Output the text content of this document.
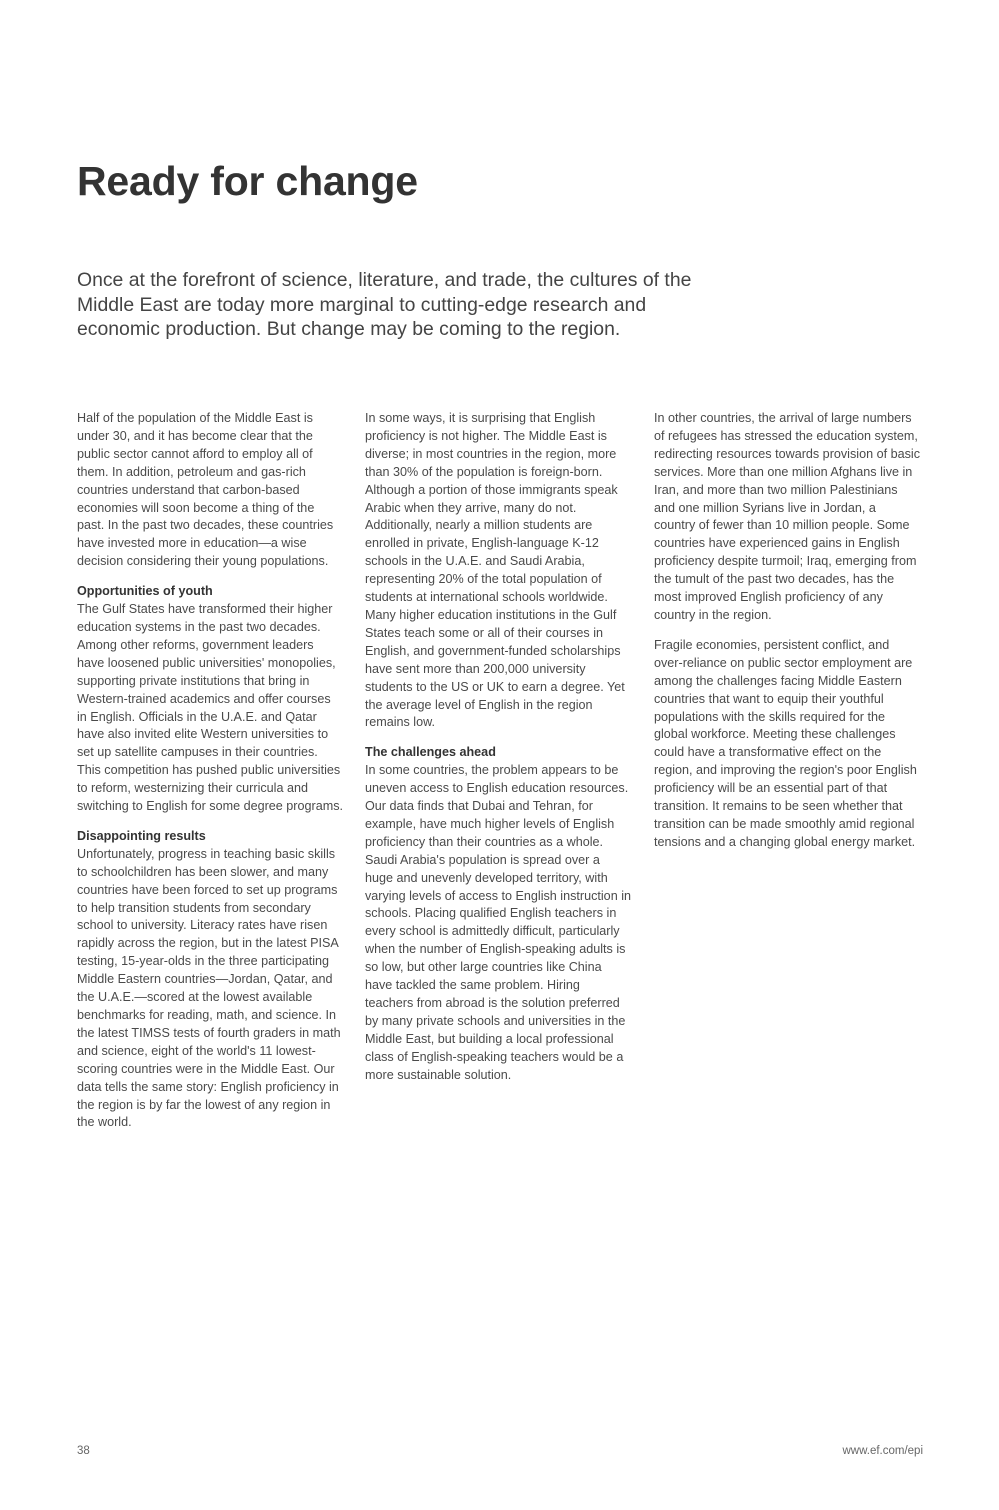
Ready for change

Once at the forefront of science, literature, and trade, the cultures of the Middle East are today more marginal to cutting-edge research and economic production. But change may be coming to the region.

Half of the population of the Middle East is under 30, and it has become clear that the public sector cannot afford to employ all of them. In addition, petroleum and gas-rich countries understand that carbon-based economies will soon become a thing of the past. In the past two decades, these countries have invested more in education—a wise decision considering their young populations.

Opportunities of youth

The Gulf States have transformed their higher education systems in the past two decades. Among other reforms, government leaders have loosened public universities' monopolies, supporting private institutions that bring in Western-trained academics and offer courses in English. Officials in the U.A.E. and Qatar have also invited elite Western universities to set up satellite campuses in their countries. This competition has pushed public universities to reform, westernizing their curricula and switching to English for some degree programs.

Disappointing results

Unfortunately, progress in teaching basic skills to schoolchildren has been slower, and many countries have been forced to set up programs to help transition students from secondary school to university. Literacy rates have risen rapidly across the region, but in the latest PISA testing, 15-year-olds in the three participating Middle Eastern countries—Jordan, Qatar, and the U.A.E.—scored at the lowest available benchmarks for reading, math, and science. In the latest TIMSS tests of fourth graders in math and science, eight of the world's 11 lowest-scoring countries were in the Middle East. Our data tells the same story: English proficiency in the region is by far the lowest of any region in the world.

In some ways, it is surprising that English proficiency is not higher. The Middle East is diverse; in most countries in the region, more than 30% of the population is foreign-born. Although a portion of those immigrants speak Arabic when they arrive, many do not. Additionally, nearly a million students are enrolled in private, English-language K-12 schools in the U.A.E. and Saudi Arabia, representing 20% of the total population of students at international schools worldwide. Many higher education institutions in the Gulf States teach some or all of their courses in English, and government-funded scholarships have sent more than 200,000 university students to the US or UK to earn a degree. Yet the average level of English in the region remains low.

The challenges ahead

In some countries, the problem appears to be uneven access to English education resources. Our data finds that Dubai and Tehran, for example, have much higher levels of English proficiency than their countries as a whole. Saudi Arabia's population is spread over a huge and unevenly developed territory, with varying levels of access to English instruction in schools. Placing qualified English teachers in every school is admittedly difficult, particularly when the number of English-speaking adults is so low, but other large countries like China have tackled the same problem. Hiring teachers from abroad is the solution preferred by many private schools and universities in the Middle East, but building a local professional class of English-speaking teachers would be a more sustainable solution.

In other countries, the arrival of large numbers of refugees has stressed the education system, redirecting resources towards provision of basic services. More than one million Afghans live in Iran, and more than two million Palestinians and one million Syrians live in Jordan, a country of fewer than 10 million people. Some countries have experienced gains in English proficiency despite turmoil; Iraq, emerging from the tumult of the past two decades, has the most improved English proficiency of any country in the region.

Fragile economies, persistent conflict, and over-reliance on public sector employment are among the challenges facing Middle Eastern countries that want to equip their youthful populations with the skills required for the global workforce. Meeting these challenges could have a transformative effect on the region, and improving the region's poor English proficiency will be an essential part of that transition. It remains to be seen whether that transition can be made smoothly amid regional tensions and a changing global energy market.

38	www.ef.com/epi
